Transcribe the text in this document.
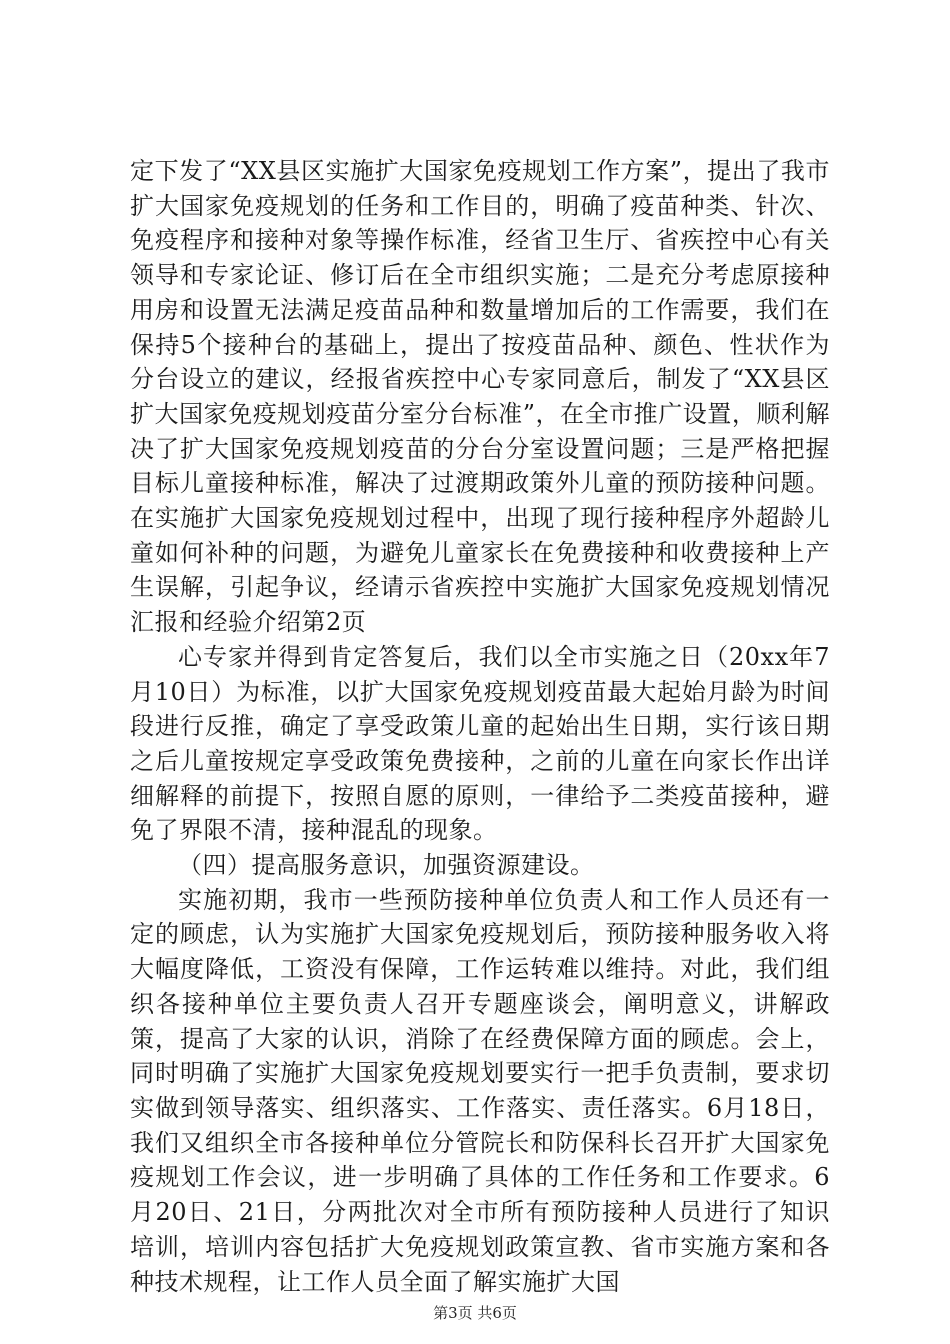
定下发了“XX县区实施扩大国家免疫规划工作方案”，提出了我市扩大国家免疫规划的任务和工作目的，明确了疫苗种类、针次、免疫程序和接种对象等操作标准，经省卫生厅、省疾控中心有关领导和专家论证、修订后在全市组织实施；二是充分考虑原接种用房和设置无法满足疫苗品种和数量增加后的工作需要，我们在保持5个接种台的基础上，提出了按疫苗品种、颜色、性状作为分台设立的建议，经报省疾控中心专家同意后，制发了“XX县区扩大国家免疫规划疫苗分室分台标准”，在全市推广设置，顺利解决了扩大国家免疫规划疫苗的分台分室设置问题；三是严格把握目标儿童接种标准，解决了过渡期政策外儿童的预防接种问题。在实施扩大国家免疫规划过程中，出现了现行接种程序外超龄儿童如何补种的问题，为避免儿童家长在免费接种和收费接种上产生误解，引起争议，经请示省疾控中实施扩大国家免疫规划情况汇报和经验介绍第2页

心专家并得到肯定答复后，我们以全市实施之日（20xx年7月10日）为标准，以扩大国家免疫规划疫苗最大起始月龄为时间段进行反推，确定了享受政策儿童的起始出生日期，实行该日期之后儿童按规定享受政策免费接种，之前的儿童在向家长作出详细解释的前提下，按照自愿的原则，一律给予二类疫苗接种，避免了界限不清，接种混乱的现象。

（四）提高服务意识，加强资源建设。

实施初期，我市一些预防接种单位负责人和工作人员还有一定的顾虑，认为实施扩大国家免疫规划后，预防接种服务收入将大幅度降低，工资没有保障，工作运转难以维持。对此，我们组织各接种单位主要负责人召开专题座谈会，阐明意义，讲解政策，提高了大家的认识，消除了在经费保障方面的顾虑。会上，同时明确了实施扩大国家免疫规划要实行一把手负责制，要求切实做到领导落实、组织落实、工作落实、责任落实。6月18日，我们又组织全市各接种单位分管院长和防保科长召开扩大国家免疫规划工作会议，进一步明确了具体的工作任务和工作要求。6月20日、21日，分两批次对全市所有预防接种人员进行了知识培训，培训内容包括扩大免疫规划政策宣教、省市实施方案和各种技术规程，让工作人员全面了解实施扩大国

第3页 共6页
